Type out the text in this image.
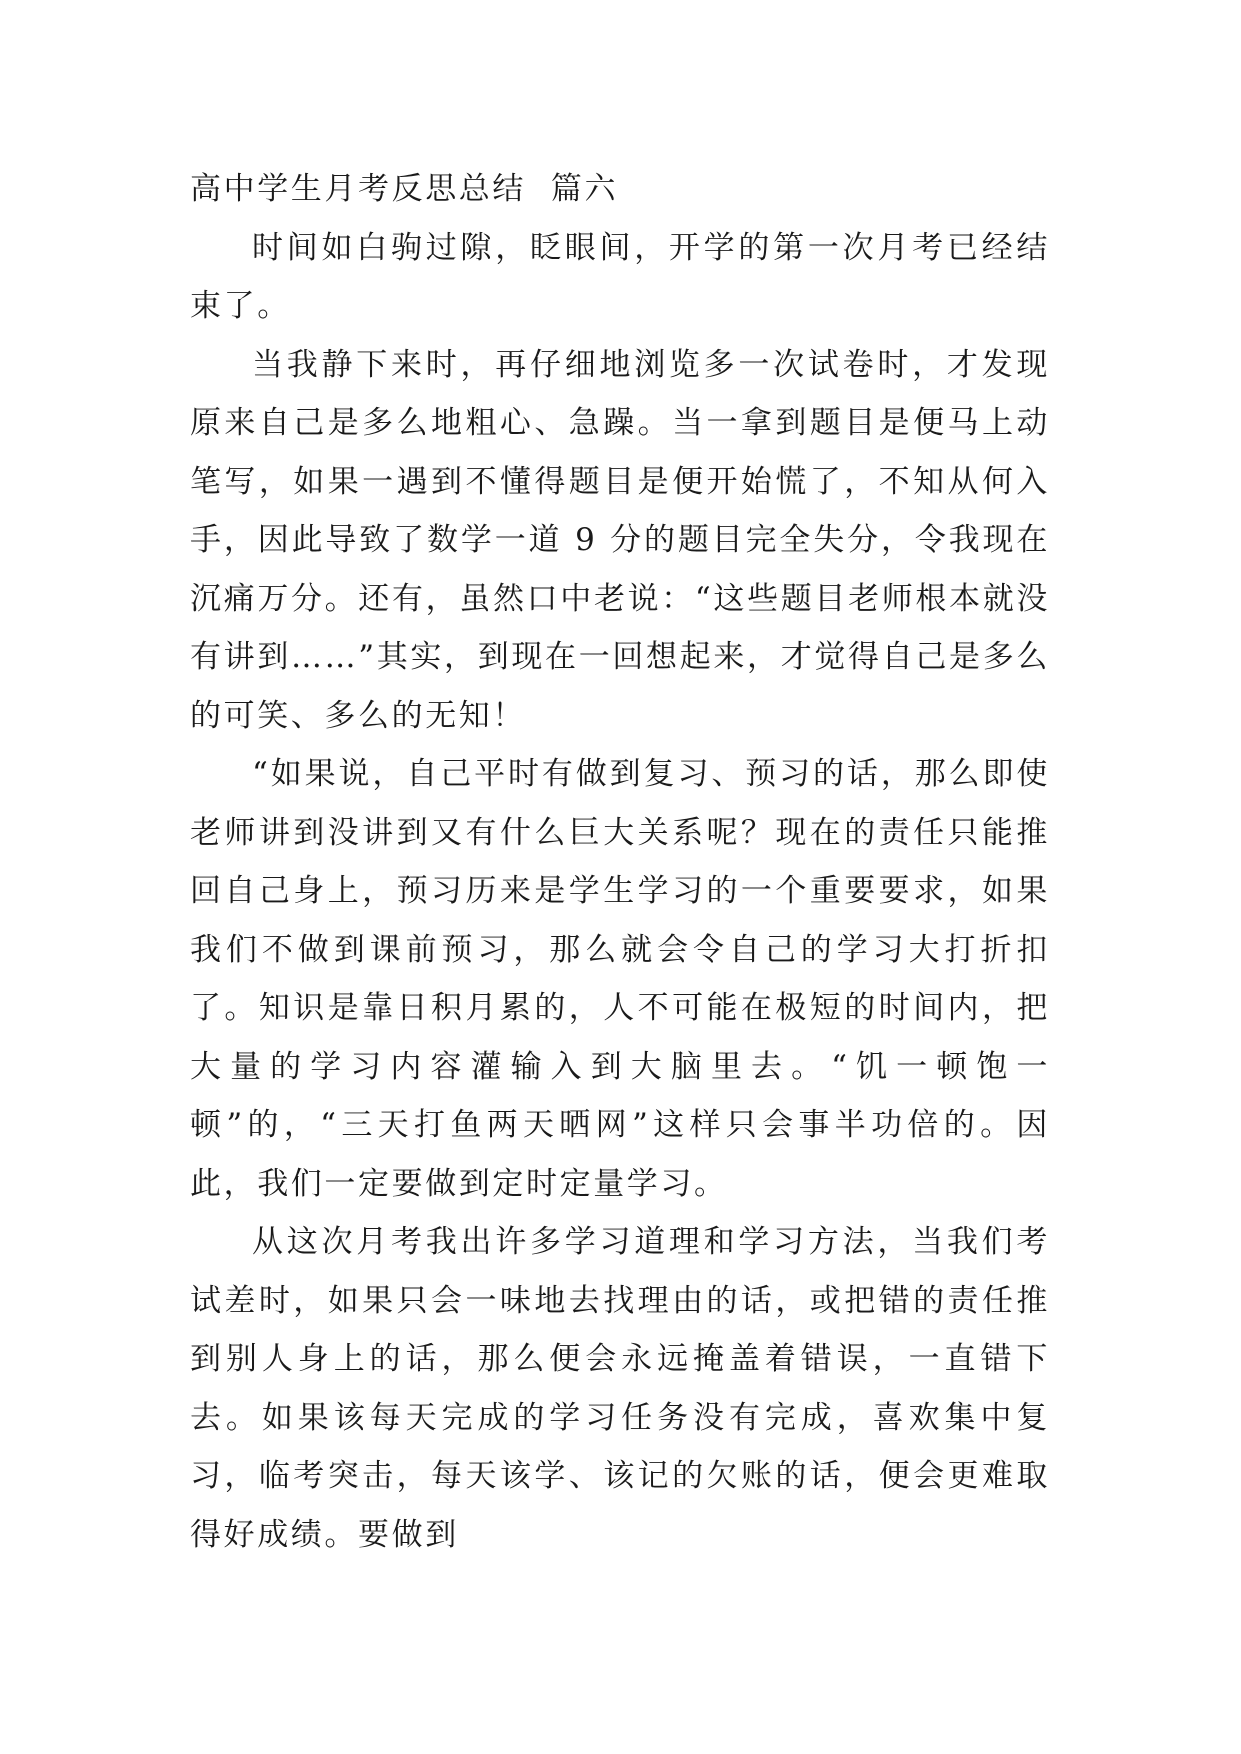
高中学生月考反思总结  篇六

时间如白驹过隙，眨眼间，开学的第一次月考已经结束了。

当我静下来时，再仔细地浏览多一次试卷时，才发现原来自己是多么地粗心、急躁。当一拿到题目是便马上动笔写，如果一遇到不懂得题目是便开始慌了，不知从何入手，因此导致了数学一道 9 分的题目完全失分，令我现在沉痛万分。还有，虽然口中老说：“这些题目老师根本就没有讲到……”其实，到现在一回想起来，才觉得自己是多么的可笑、多么的无知！

“如果说，自己平时有做到复习、预习的话，那么即使老师讲到没讲到又有什么巨大关系呢？现在的责任只能推回自己身上，预习历来是学生学习的一个重要要求，如果我们不做到课前预习，那么就会令自己的学习大打折扣了。知识是靠日积月累的，人不可能在极短的时间内，把大量的学习内容灌输入到大脑里去。“饥一顿饱一顿”的，“三天打鱼两天晒网”这样只会事半功倍的。因此，我们一定要做到定时定量学习。

从这次月考我出许多学习道理和学习方法，当我们考试差时，如果只会一味地去找理由的话，或把错的责任推到别人身上的话，那么便会永远掩盖着错误，一直错下去。如果该每天完成的学习任务没有完成，喜欢集中复习，临考突击，每天该学、该记的欠账的话，便会更难取得好成绩。要做到
